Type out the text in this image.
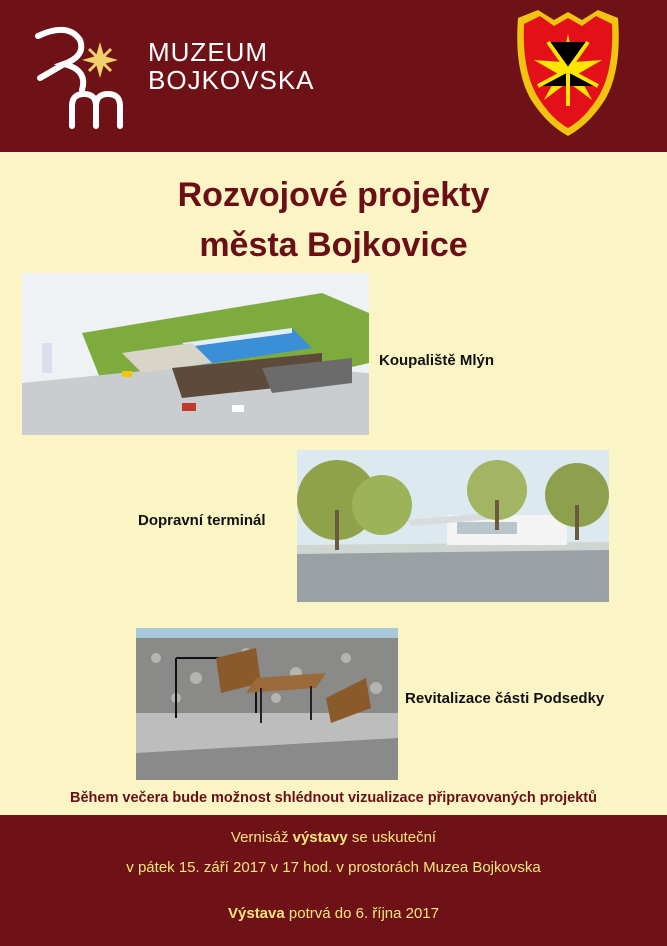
MUZEUM
BOJKOVSKA
Rozvojové projekty
města Bojkovice
Koupaliště Mlýn
Dopravní terminál
Revitalizace části Podsedky
Během večera bude možnost shlédnout vizualizace připravovaných projektů
Vernisáž výstavy se uskuteční
v pátek 15. září 2017 v 17 hod. v prostorách Muzea Bojkovska
Výstava potrvá do 6. října 2017
